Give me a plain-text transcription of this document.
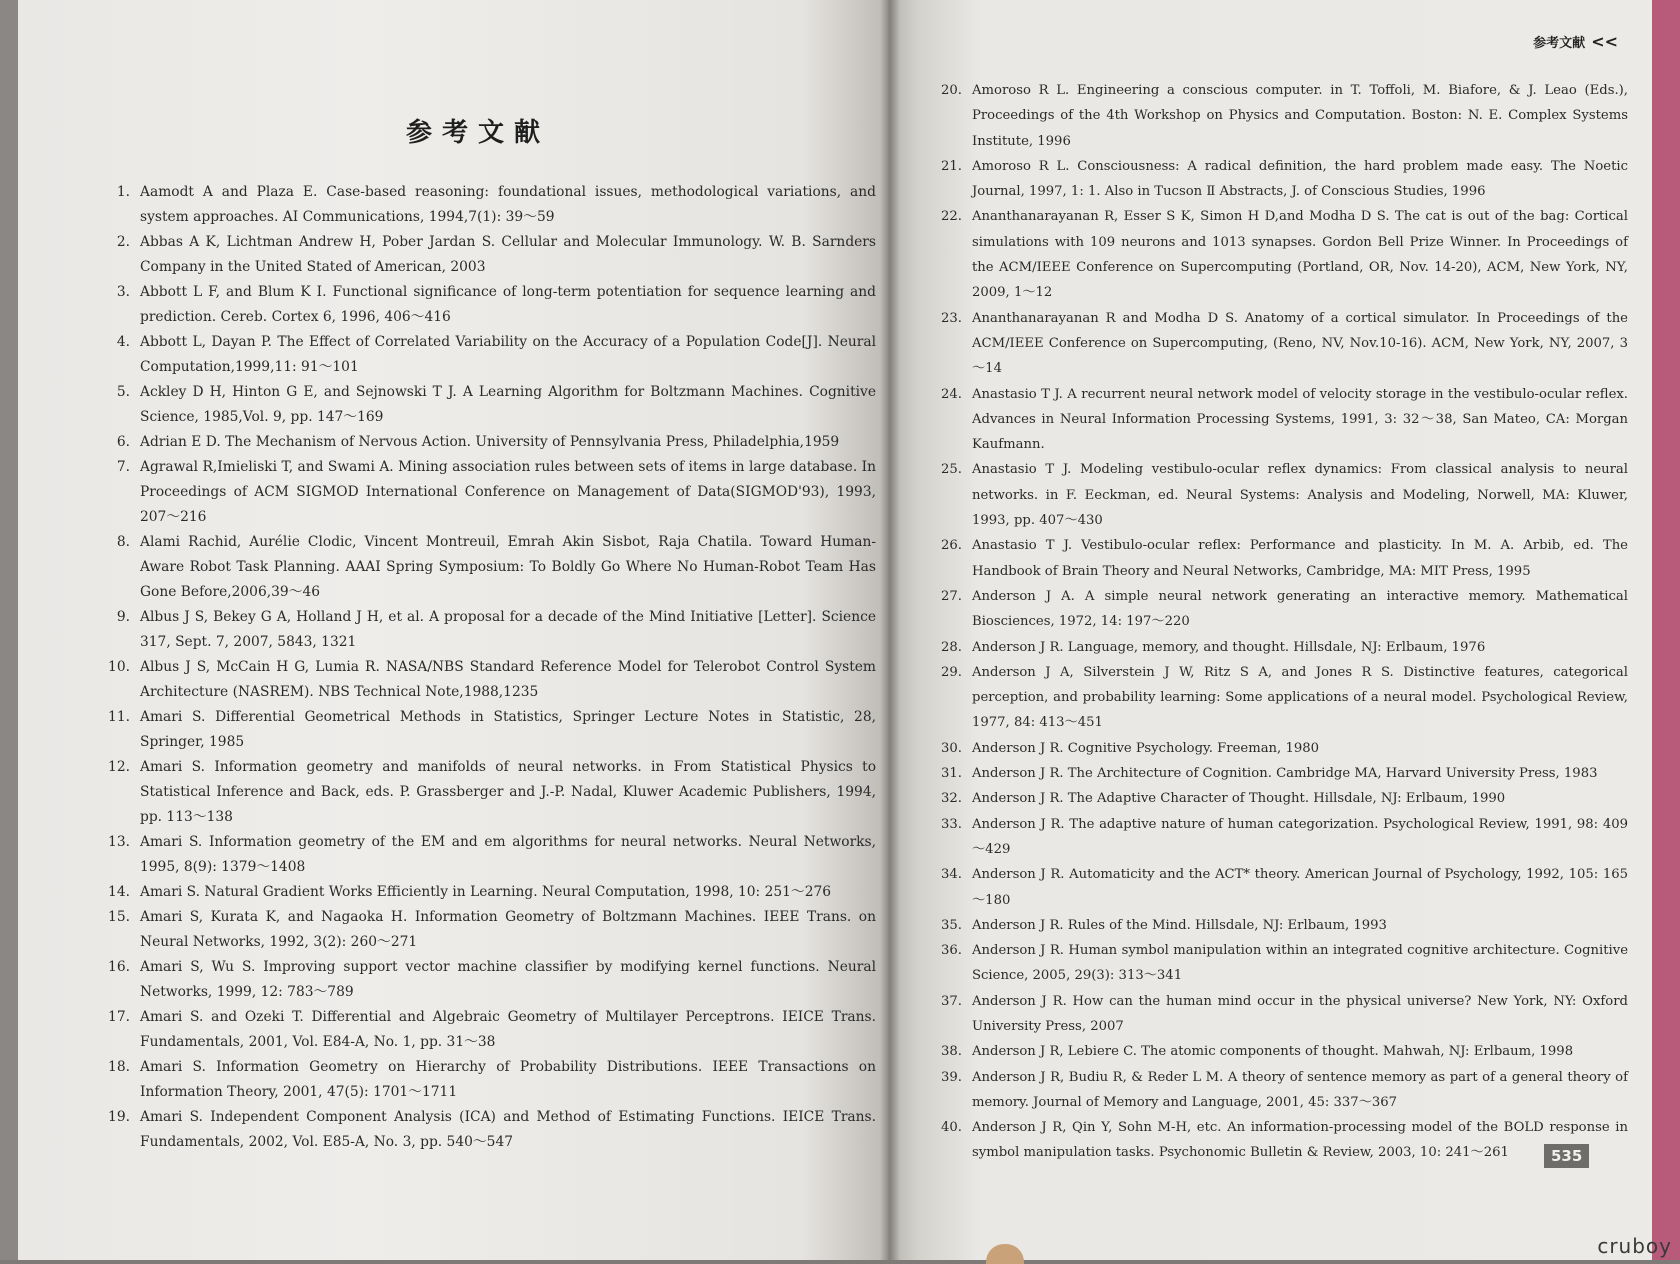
参考文献
1. Aamodt A and Plaza E. Case-based reasoning: foundational issues, methodological variations, and system approaches. AI Communications, 1994,7(1): 39～59
2. Abbas A K, Lichtman Andrew H, Pober Jardan S. Cellular and Molecular Immunology. W. B. Sarnders Company in the United Stated of American, 2003
3. Abbott L F, and Blum K I. Functional significance of long-term potentiation for sequence learning and prediction. Cereb. Cortex 6, 1996, 406～416
4. Abbott L, Dayan P. The Effect of Correlated Variability on the Accuracy of a Population Code[J]. Neural Computation,1999,11: 91～101
5. Ackley D H, Hinton G E, and Sejnowski T J. A Learning Algorithm for Boltzmann Machines. Cognitive Science, 1985,Vol. 9, pp. 147～169
6. Adrian E D. The Mechanism of Nervous Action. University of Pennsylvania Press, Philadelphia,1959
7. Agrawal R,Imieliski T, and Swami A. Mining association rules between sets of items in large database. In Proceedings of ACM SIGMOD International Conference on Management of Data(SIGMOD'93), 1993, 207～216
8. Alami Rachid, Aurélie Clodic, Vincent Montreuil, Emrah Akin Sisbot, Raja Chatila. Toward Human-Aware Robot Task Planning. AAAI Spring Symposium: To Boldly Go Where No Human-Robot Team Has Gone Before,2006,39～46
9. Albus J S, Bekey G A, Holland J H, et al. A proposal for a decade of the Mind Initiative [Letter]. Science 317, Sept. 7, 2007, 5843, 1321
10. Albus J S, McCain H G, Lumia R. NASA/NBS Standard Reference Model for Telerobot Control System Architecture (NASREM). NBS Technical Note,1988,1235
11. Amari S. Differential Geometrical Methods in Statistics, Springer Lecture Notes in Statistic, 28, Springer, 1985
12. Amari S. Information geometry and manifolds of neural networks. in From Statistical Physics to Statistical Inference and Back, eds. P. Grassberger and J.-P. Nadal, Kluwer Academic Publishers, 1994, pp. 113～138
13. Amari S. Information geometry of the EM and em algorithms for neural networks. Neural Networks, 1995, 8(9): 1379～1408
14. Amari S. Natural Gradient Works Efficiently in Learning. Neural Computation, 1998, 10: 251～276
15. Amari S, Kurata K, and Nagaoka H. Information Geometry of Boltzmann Machines. IEEE Trans. on Neural Networks, 1992, 3(2): 260～271
16. Amari S, Wu S. Improving support vector machine classifier by modifying kernel functions. Neural Networks, 1999, 12: 783～789
17. Amari S. and Ozeki T. Differential and Algebraic Geometry of Multilayer Perceptrons. IEICE Trans. Fundamentals, 2001, Vol. E84-A, No. 1, pp. 31～38
18. Amari S. Information Geometry on Hierarchy of Probability Distributions. IEEE Transactions on Information Theory, 2001, 47(5): 1701～1711
19. Amari S. Independent Component Analysis (ICA) and Method of Estimating Functions. IEICE Trans. Fundamentals, 2002, Vol. E85-A, No. 3, pp. 540～547
参考文献 <<
20. Amoroso R L. Engineering a conscious computer. in T. Toffoli, M. Biafore, & J. Leao (Eds.), Proceedings of the 4th Workshop on Physics and Computation. Boston: N. E. Complex Systems Institute, 1996
21. Amoroso R L. Consciousness: A radical definition, the hard problem made easy. The Noetic Journal, 1997, 1: 1. Also in Tucson Ⅱ Abstracts, J. of Conscious Studies, 1996
22. Ananthanarayanan R, Esser S K, Simon H D,and Modha D S. The cat is out of the bag: Cortical simulations with 109 neurons and 1013 synapses. Gordon Bell Prize Winner. In Proceedings of the ACM/IEEE Conference on Supercomputing (Portland, OR, Nov. 14-20), ACM, New York, NY, 2009, 1～12
23. Ananthanarayanan R and Modha D S. Anatomy of a cortical simulator. In Proceedings of the ACM/IEEE Conference on Supercomputing, (Reno, NV, Nov.10-16). ACM, New York, NY, 2007, 3～14
24. Anastasio T J. A recurrent neural network model of velocity storage in the vestibulo-ocular reflex. Advances in Neural Information Processing Systems, 1991, 3: 32～38, San Mateo, CA: Morgan Kaufmann.
25. Anastasio T J. Modeling vestibulo-ocular reflex dynamics: From classical analysis to neural networks. in F. Eeckman, ed. Neural Systems: Analysis and Modeling, Norwell, MA: Kluwer, 1993, pp. 407～430
26. Anastasio T J. Vestibulo-ocular reflex: Performance and plasticity. In M. A. Arbib, ed. The Handbook of Brain Theory and Neural Networks, Cambridge, MA: MIT Press, 1995
27. Anderson J A. A simple neural network generating an interactive memory. Mathematical Biosciences, 1972, 14: 197～220
28. Anderson J R. Language, memory, and thought. Hillsdale, NJ: Erlbaum, 1976
29. Anderson J A, Silverstein J W, Ritz S A, and Jones R S. Distinctive features, categorical perception, and probability learning: Some applications of a neural model. Psychological Review, 1977, 84: 413～451
30. Anderson J R. Cognitive Psychology. Freeman, 1980
31. Anderson J R. The Architecture of Cognition. Cambridge MA, Harvard University Press, 1983
32. Anderson J R. The Adaptive Character of Thought. Hillsdale, NJ: Erlbaum, 1990
33. Anderson J R. The adaptive nature of human categorization. Psychological Review, 1991, 98: 409～429
34. Anderson J R. Automaticity and the ACT* theory. American Journal of Psychology, 1992, 105: 165～180
35. Anderson J R. Rules of the Mind. Hillsdale, NJ: Erlbaum, 1993
36. Anderson J R. Human symbol manipulation within an integrated cognitive architecture. Cognitive Science, 2005, 29(3): 313～341
37. Anderson J R. How can the human mind occur in the physical universe? New York, NY: Oxford University Press, 2007
38. Anderson J R, Lebiere C. The atomic components of thought. Mahwah, NJ: Erlbaum, 1998
39. Anderson J R, Budiu R, & Reder L M. A theory of sentence memory as part of a general theory of memory. Journal of Memory and Language, 2001, 45: 337～367
40. Anderson J R, Qin Y, Sohn M-H, etc. An information-processing model of the BOLD response in symbol manipulation tasks. Psychonomic Bulletin & Review, 2003, 10: 241～261	535
cruboy
